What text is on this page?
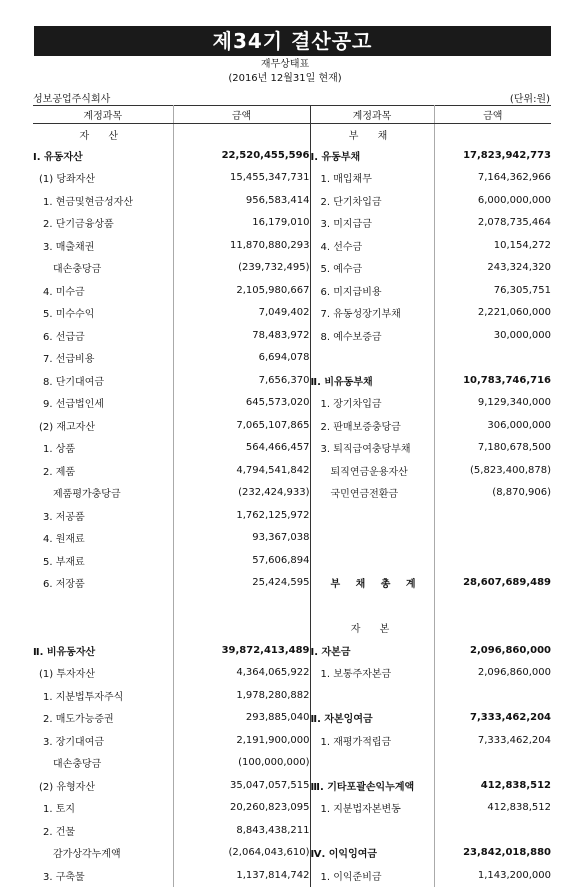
제34기 결산공고
재무상태표
(2016년 12월31일 현재)
성보공업주식회사	(단위:원)
계정과목	금액	계정과목	금액
자 산		부 채	
Ⅰ. 유동자산	22,520,455,596	Ⅰ. 유동부채	17,823,942,773
(1) 당좌자산	15,455,347,731	1. 매입채무	7,164,362,966
1. 현금및현금성자산	956,583,414	2. 단기차입금	6,000,000,000
2. 단기금융상품	16,179,010	3. 미지급금	2,078,735,464
3. 매출채권	11,870,880,293	4. 선수금	10,154,272
대손충당금	(239,732,495)	5. 예수금	243,324,320
4. 미수금	2,105,980,667	6. 미지급비용	76,305,751
5. 미수수익	7,049,402	7. 유동성장기부채	2,221,060,000
6. 선급금	78,483,972	8. 예수보증금	30,000,000
7. 선급비용	6,694,078		
8. 단기대여금	7,656,370	Ⅱ. 비유동부채	10,783,746,716
9. 선급법인세	645,573,020	1. 장기차입금	9,129,340,000
(2) 재고자산	7,065,107,865	2. 판매보증충당금	306,000,000
1. 상품	564,466,457	3. 퇴직급여충당부채	7,180,678,500
2. 제품	4,794,541,842	퇴직연금운용자산	(5,823,400,878)
제품평가충당금	(232,424,933)	국민연금전환금	(8,870,906)
3. 저공품	1,762,125,972		
4. 원재료	93,367,038		
5. 부재료	57,606,894		
6. 저장품	25,424,595	부 채 총 계	28,607,689,489

		자 본	
Ⅱ. 비유동자산	39,872,413,489	Ⅰ. 자본금	2,096,860,000
(1) 투자자산	4,364,065,922	1. 보통주자본금	2,096,860,000
1. 지분법투자주식	1,978,280,882		
2. 매도가능증권	293,885,040	Ⅱ. 자본잉여금	7,333,462,204
3. 장기대여금	2,191,900,000	1. 재평가적립금	7,333,462,204
대손충당금	(100,000,000)		
(2) 유형자산	35,047,057,515	Ⅲ. 기타포괄손익누계액	412,838,512
1. 토지	20,260,823,095	1. 지분법자본변동	412,838,512
2. 건물	8,843,438,211		
감가상각누계액	(2,064,043,610)	Ⅳ. 이익잉여금	23,842,018,880
3. 구축물	1,137,814,742	1. 이익준비금	1,143,200,000
